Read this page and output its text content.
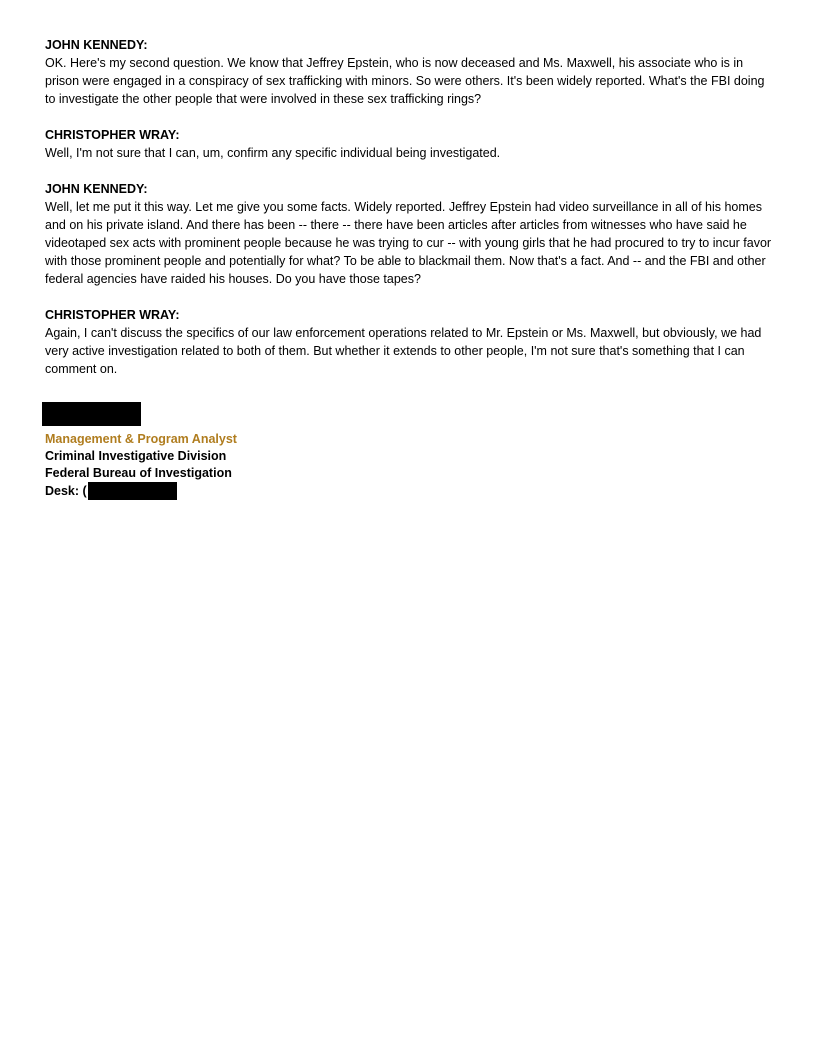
JOHN KENNEDY:

OK. Here's my second question. We know that Jeffrey Epstein, who is now deceased and Ms. Maxwell, his associate who is in prison were engaged in a conspiracy of sex trafficking with minors. So were others. It's been widely reported. What's the FBI doing to investigate the other people that were involved in these sex trafficking rings?

CHRISTOPHER WRAY:

Well, I'm not sure that I can, um, confirm any specific individual being investigated.

JOHN KENNEDY:

Well, let me put it this way. Let me give you some facts. Widely reported. Jeffrey Epstein had video surveillance in all of his homes and on his private island. And there has been -- there -- there have been articles after articles from witnesses who have said he videotaped sex acts with prominent people because he was trying to cur -- with young girls that he had procured to try to incur favor with those prominent people and potentially for what? To be able to blackmail them. Now that's a fact. And -- and the FBI and other federal agencies have raided his houses. Do you have those tapes?

CHRISTOPHER WRAY:

Again, I can't discuss the specifics of our law enforcement operations related to Mr. Epstein or Ms. Maxwell, but obviously, we had very active investigation related to both of them. But whether it extends to other people, I'm not sure that's something that I can comment on.

Management & Program Analyst

Criminal Investigative Division

Federal Bureau of Investigation

Desk: (
